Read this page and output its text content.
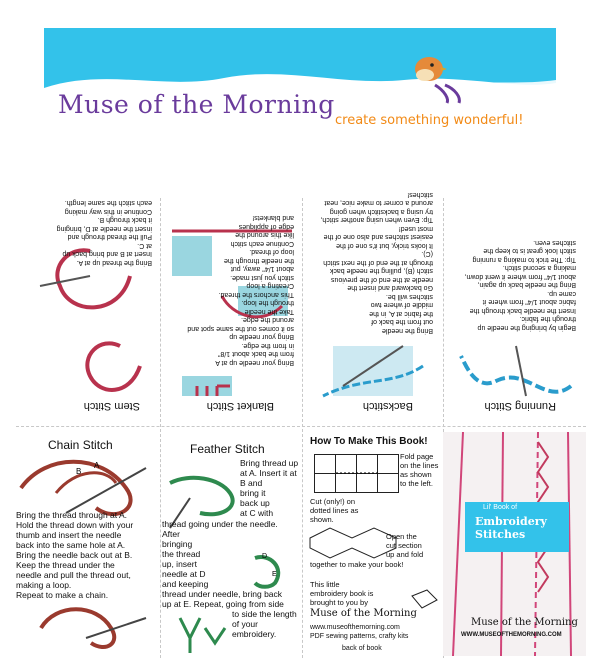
Muse of the Morning
create something wonderful!
Stem Stitch
Bring the thread up at A.
Insert at B and bring back up
at C.
Pull the thread through and
insert the needle at D, bringing
it back through B.
Continue in this way making
each stitch the same length.
Blanket Stitch
Bring your needle up at A
from the back about 1/8"
in from the edge.
Bring your needle up
so it comes out the same spot and
around the edge.
Take the needle
through the loop.
This anchors the thread.
Creating a loop
stitch you just made.
about 1/4" away, put
the needle through the
loop of thread.
Continue each stitch
like this around the
edge of appliques
and blankets!
Backstitch
Bring the needle
out from the back of
the fabric at A, in the
middle of where two
stitches will be.
Go backward and insert the
needle at the end of the previous
stitch (B), pulling the needle back
through at the end of the next stitch
(C).
It looks tricky, but it's one of the
easiest stitches and also one of the
most used!
Tip: Even when using another stitch,
try using a backstitch when going
around a corner to make nice, neat
stitches!
Running Stitch
Begin by bringing the needle up
through the fabric.
Insert the needle back through the
fabric about 1/4" from where it
came up.
Bring the needle back up again,
about 1/4" from where it went down,
making a second stitch.
Tip: The trick to making a running
stitch look great is to keep the
stitches even.
Chain Stitch
B
A
Bring the thread through at A.
Hold the thread down with your
thumb and insert the needle
back into the same hole at A.
Bring the needle back out at B.
Keep the thread under the
needle and pull the thread out,
making a loop.
Repeat to make a chain.
Feather Stitch
D
E
Bring thread up
at A. Insert it at
B and
bring it
back up
at C with
thread going under the needle.
After
bringing
the thread
up, insert
needle at D
and keeping
thread under needle, bring back
up at E. Repeat, going from side
to side the length
of your
embroidery.
How To Make This Book!
Fold page
on the lines
as shown
to the left.
Cut (only!) on
dotted lines as
shown.
Open the
cut section
up and fold
together to make your book!
This little
embroidery book is
brought to you by
Muse of the Morning
www.museofthemorning.com
PDF sewing patterns, crafty kits
back of book
Lil' Book of
Embroidery
Stitches
Muse of the Morning
WWW.MUSEOFTHEMORNING.COM
